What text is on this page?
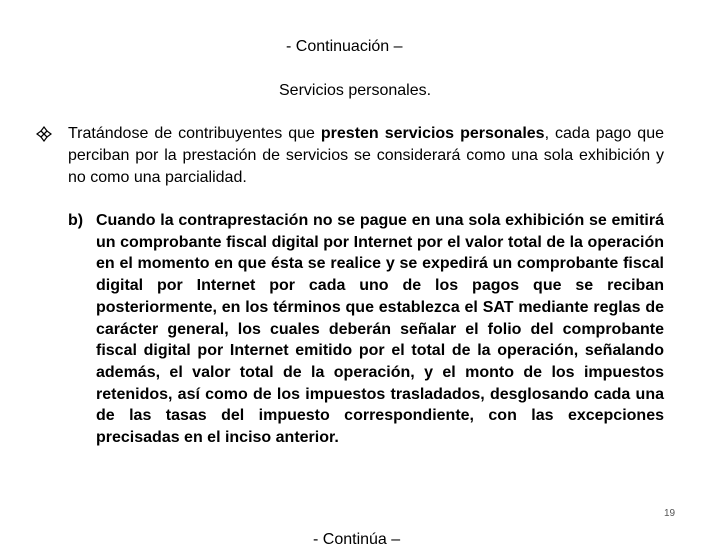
- Continuación –
Servicios personales.
Tratándose de contribuyentes que presten servicios personales, cada pago que perciban por la prestación de servicios se considerará como una sola exhibición y no como una parcialidad.
b) Cuando la contraprestación no se pague en una sola exhibición se emitirá un comprobante fiscal digital por Internet por el valor total de la operación en el momento en que ésta se realice y se expedirá un comprobante fiscal digital por Internet por cada uno de los pagos que se reciban posteriormente, en los términos que establezca el SAT mediante reglas de carácter general, los cuales deberán señalar el folio del comprobante fiscal digital por Internet emitido por el total de la operación, señalando además, el valor total de la operación, y el monto de los impuestos retenidos, así como de los impuestos trasladados, desglosando cada una de las tasas del impuesto correspondiente, con las excepciones precisadas en el inciso anterior.
19
- Continúa –
